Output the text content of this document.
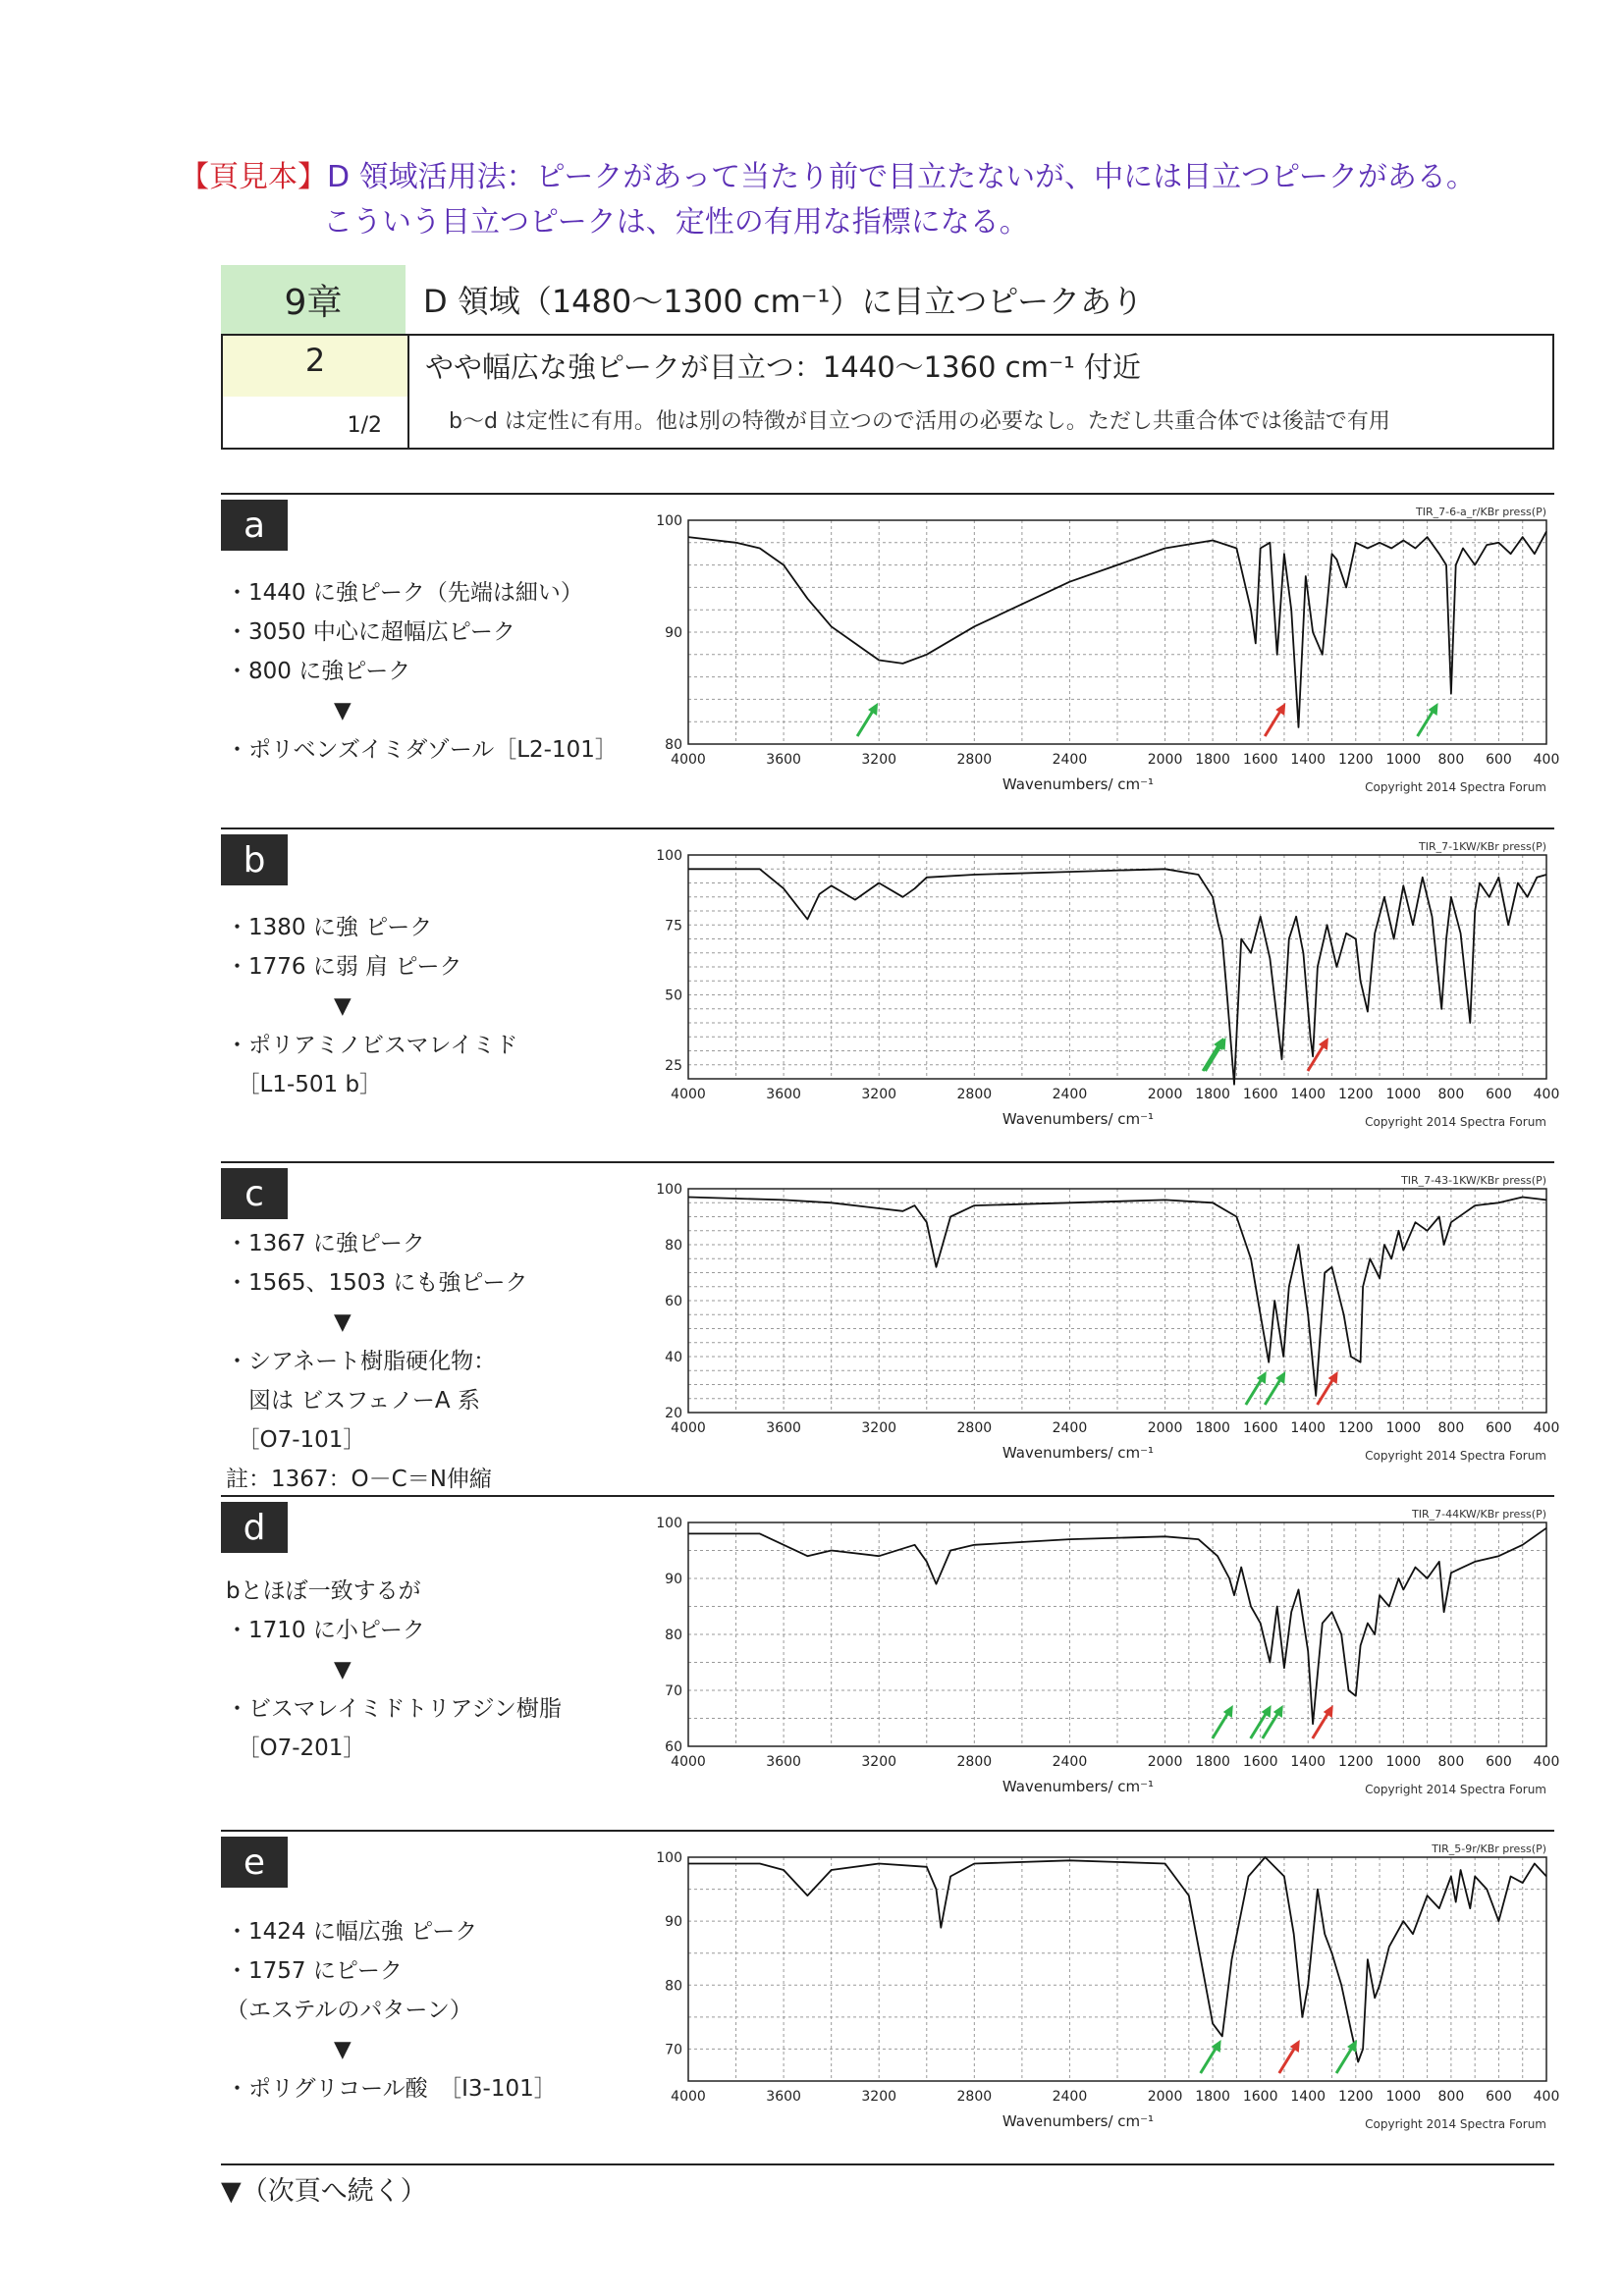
【頁見本】D 領域活用法：ピークがあって当たり前で目立たないが、中には目立つピークがある。
こういう目立つピークは、定性の有用な指標になる。
9章	D 領域（1480～1300 cm⁻¹）に目立つピークあり
2
1/2
やや幅広な強ピークが目立つ：1440～1360 cm⁻¹ 付近
b～d は定性に有用。他は別の特徴が目立つので活用の必要なし。ただし共重合体では後詰で有用
a
・1440 に強ピーク（先端は細い）
・3050 中心に超幅広ピーク
・800 に強ピーク
▼
・ポリベンズイミダゾール［L2-101］	4000	3600	3200	2800	2400	2000 1800 1600 1400 1200 1000 800 600 400
80
90
100
Wavenumbers/ cm⁻¹	Copyright 2014 Spectra Forum
TIR_7-6-a_r/KBr press(P)
b
・1380 に強 ピーク
・1776 に弱 肩 ピーク
▼
・ポリアミノビスマレイミド
　［L1-501 b］	4000	3600	3200	2800	2400	2000 1800 1600 1400 1200 1000 800 600 400
25
50
75
100
Wavenumbers/ cm⁻¹	Copyright 2014 Spectra Forum
TIR_7-1KW/KBr press(P)
c
・1367 に強ピーク
・1565、1503 にも強ピーク
▼
・シアネート樹脂硬化物：
　図は ビスフェノーA 系
　［O7-101］
註：1367：O－C＝N伸縮
4000	3600	3200	2800	2400	2000 1800 1600 1400 1200 1000 800 600 400
20
40
60
80
100
Wavenumbers/ cm⁻¹	Copyright 2014 Spectra Forum
TIR_7-43-1KW/KBr press(P)
d
bとほぼ一致するが
・1710 に小ピーク
▼
・ビスマレイミドトリアジン樹脂
　［O7-201］
4000	3600	3200	2800	2400	2000 1800 1600 1400 1200 1000 800 600 400
60
70
80
90
100
Wavenumbers/ cm⁻¹	Copyright 2014 Spectra Forum
TIR_7-44KW/KBr press(P)
e
・1424 に幅広強 ピーク
・1757 にピーク
（エステルのパターン）
▼
・ポリグリコール酸　［I3-101］	4000	3600	3200	2800	2400	2000 1800 1600 1400 1200 1000 800 600 400
70
80
90
100
Wavenumbers/ cm⁻¹	Copyright 2014 Spectra Forum
TIR_5-9r/KBr press(P)
▼（次頁へ続く）
